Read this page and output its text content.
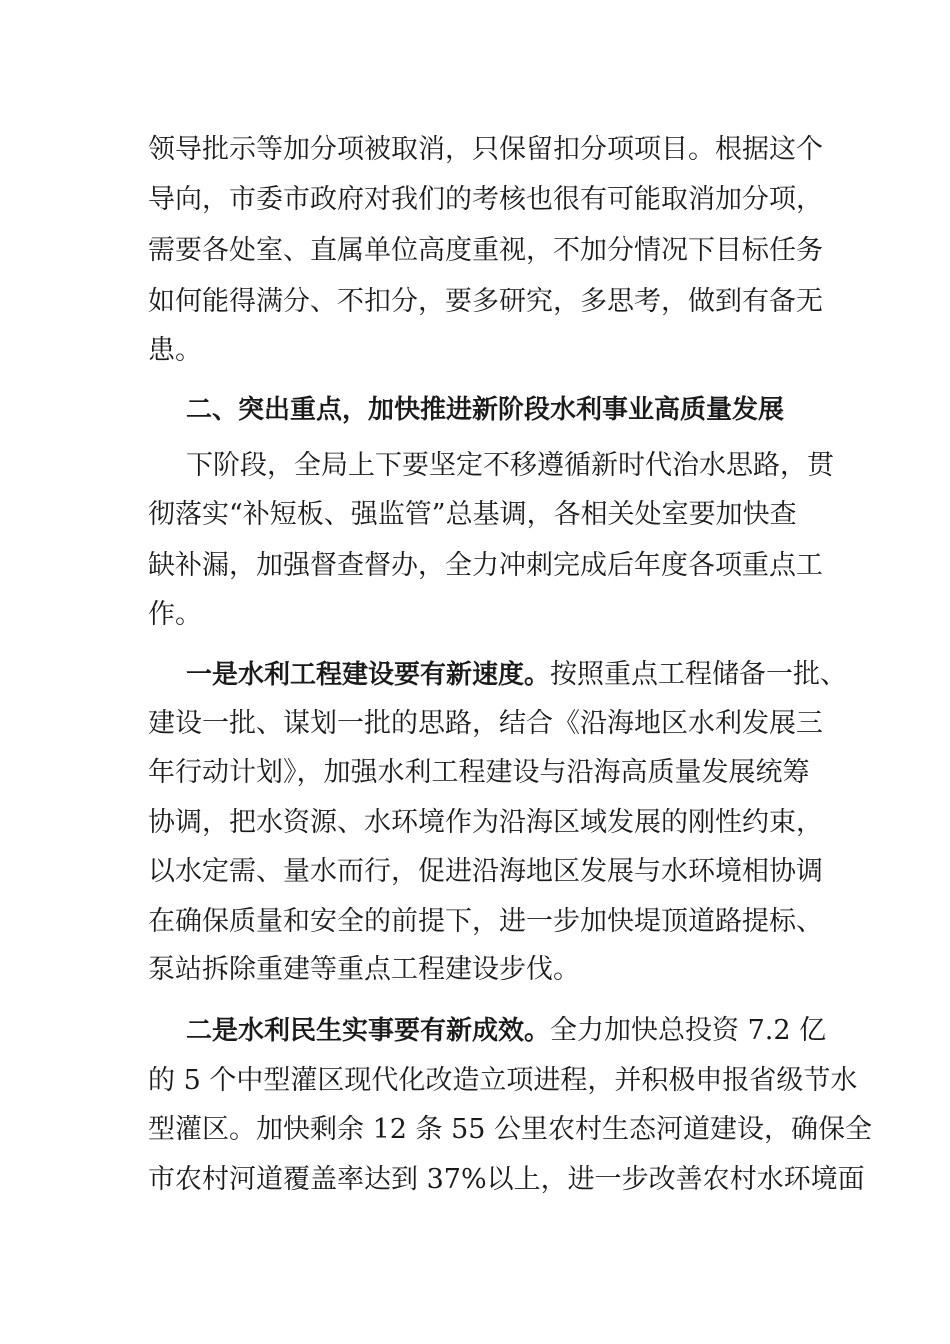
领导批示等加分项被取消，只保留扣分项项目。根据这个
导向，市委市政府对我们的考核也很有可能取消加分项，
需要各处室、直属单位高度重视，不加分情况下目标任务
如何能得满分、不扣分，要多研究，多思考，做到有备无
患。
二、突出重点，加快推进新阶段水利事业高质量发展
下阶段，全局上下要坚定不移遵循新时代治水思路，贯
彻落实“补短板、强监管”总基调，各相关处室要加快查
缺补漏，加强督查督办，全力冲刺完成后年度各项重点工
作。
一是水利工程建设要有新速度。按照重点工程储备一批、
建设一批、谋划一批的思路，结合《沿海地区水利发展三
年行动计划》，加强水利工程建设与沿海高质量发展统筹
协调，把水资源、水环境作为沿海区域发展的刚性约束，
以水定需、量水而行，促进沿海地区发展与水环境相协调
在确保质量和安全的前提下，进一步加快堤顶道路提标、
泵站拆除重建等重点工程建设步伐。
二是水利民生实事要有新成效。全力加快总投资 7.2 亿
的 5 个中型灌区现代化改造立项进程，并积极申报省级节水
型灌区。加快剩余 12 条 55 公里农村生态河道建设，确保全
市农村河道覆盖率达到 37%以上，进一步改善农村水环境面
